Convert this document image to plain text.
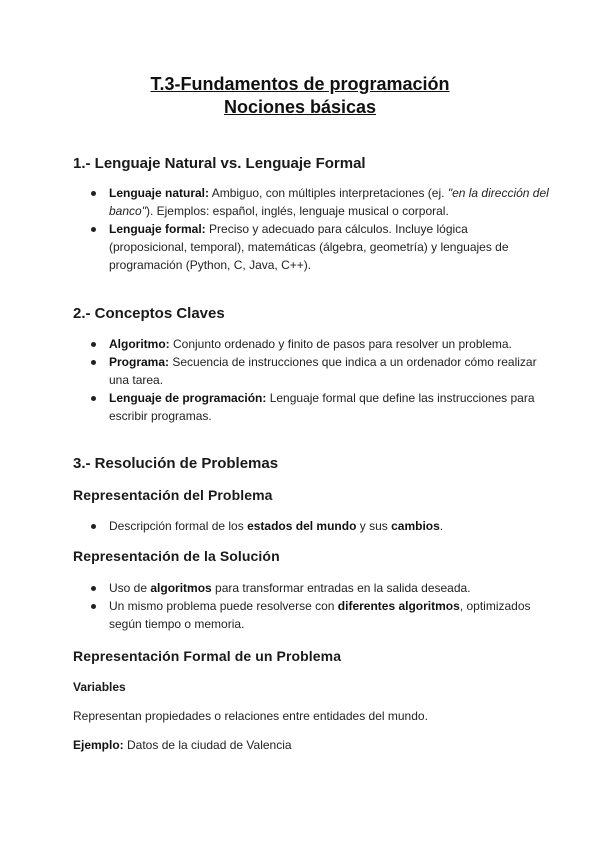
T.3-Fundamentos de programación
Nociones básicas
1.- Lenguaje Natural vs. Lenguaje Formal
Lenguaje natural: Ambiguo, con múltiples interpretaciones (ej. "en la dirección del banco"). Ejemplos: español, inglés, lenguaje musical o corporal.
Lenguaje formal: Preciso y adecuado para cálculos. Incluye lógica (proposicional, temporal), matemáticas (álgebra, geometría) y lenguajes de programación (Python, C, Java, C++).
2.- Conceptos Claves
Algoritmo: Conjunto ordenado y finito de pasos para resolver un problema.
Programa: Secuencia de instrucciones que indica a un ordenador cómo realizar una tarea.
Lenguaje de programación: Lenguaje formal que define las instrucciones para escribir programas.
3.- Resolución de Problemas
Representación del Problema
Descripción formal de los estados del mundo y sus cambios.
Representación de la Solución
Uso de algoritmos para transformar entradas en la salida deseada.
Un mismo problema puede resolverse con diferentes algoritmos, optimizados según tiempo o memoria.
Representación Formal de un Problema
Variables
Representan propiedades o relaciones entre entidades del mundo.
Ejemplo: Datos de la ciudad de Valencia
